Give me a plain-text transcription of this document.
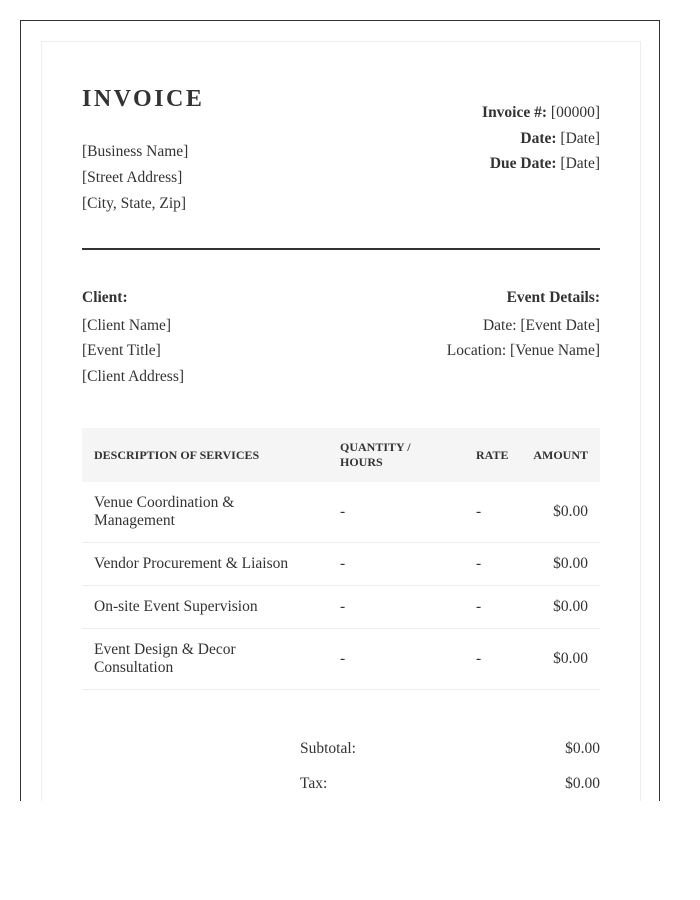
INVOICE
[Business Name]
[Street Address]
[City, State, Zip]
Invoice #: [00000]
Date: [Date]
Due Date: [Date]
Client:
[Client Name]
[Event Title]
[Client Address]
Event Details:
Date: [Event Date]
Location: [Venue Name]
DESCRIPTION OF SERVICES	QUANTITY / HOURS	RATE	AMOUNT
Venue Coordination & Management	-	-	$0.00
Vendor Procurement & Liaison	-	-	$0.00
On-site Event Supervision	-	-	$0.00
Event Design & Decor Consultation	-	-	$0.00
Subtotal:	$0.00
Tax:	$0.00
